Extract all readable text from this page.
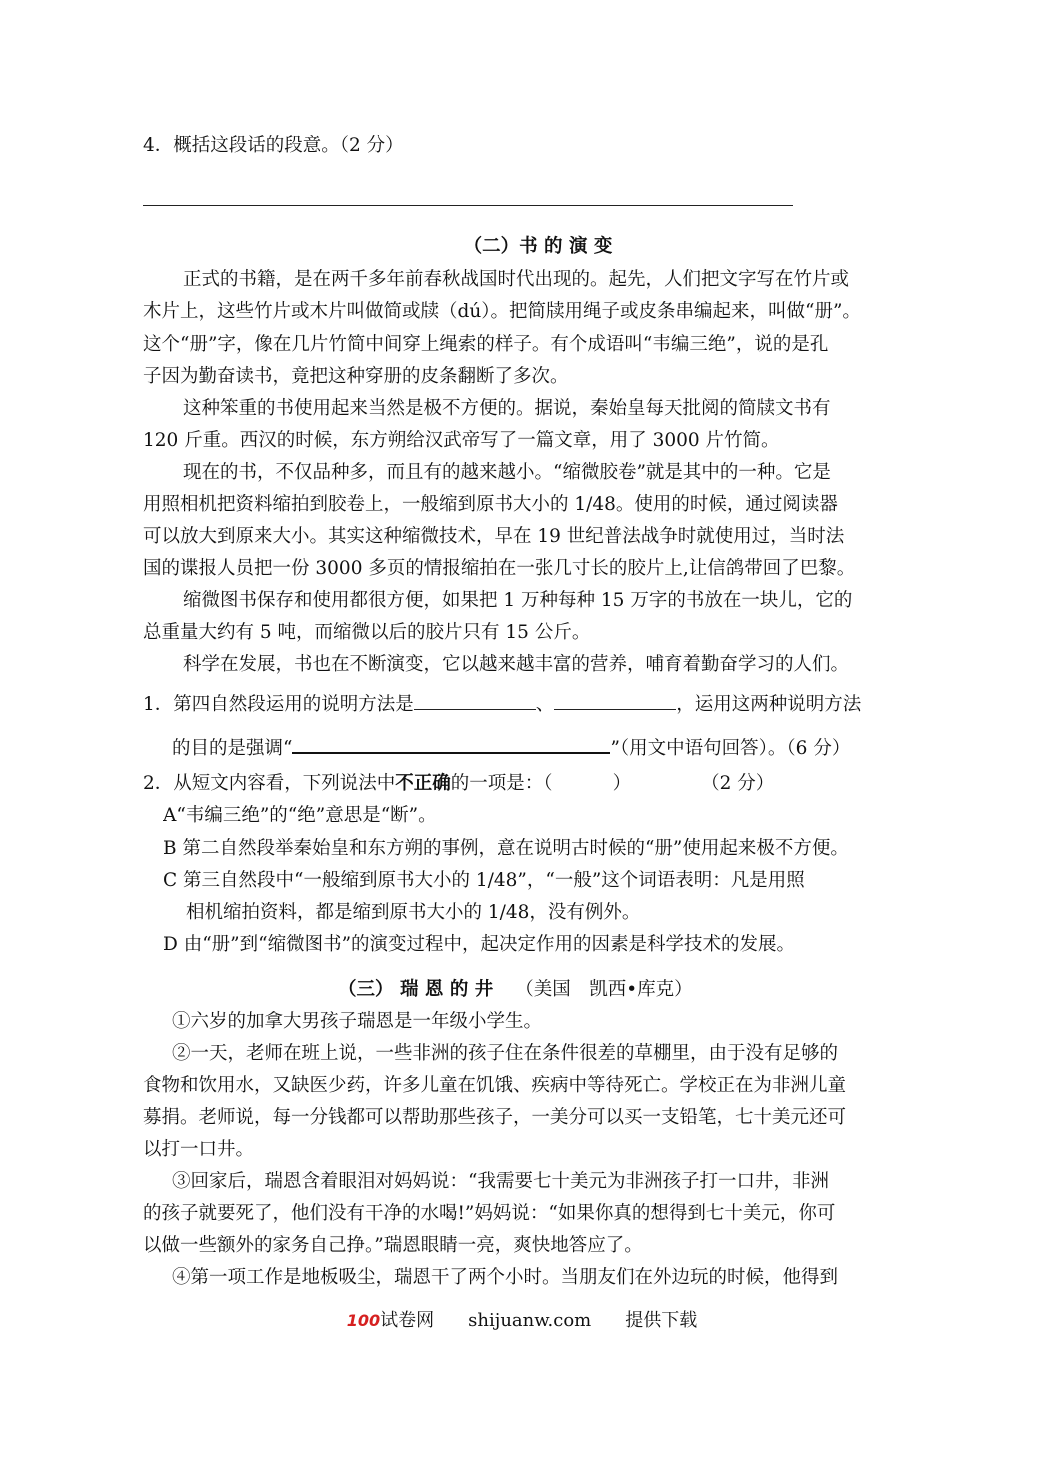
4．概括这段话的段意。（2 分）
（二）书 的 演 变
正式的书籍，是在两千多年前春秋战国时代出现的。起先，人们把文字写在竹片或
木片上，这些竹片或木片叫做简或牍（dú）。把简牍用绳子或皮条串编起来，叫做“册”。
这个“册”字，像在几片竹简中间穿上绳索的样子。有个成语叫“韦编三绝”，说的是孔
子因为勤奋读书，竟把这种穿册的皮条翻断了多次。
这种笨重的书使用起来当然是极不方便的。据说，秦始皇每天批阅的简牍文书有
120 斤重。西汉的时候，东方朔给汉武帝写了一篇文章，用了 3000 片竹简。
现在的书，不仅品种多，而且有的越来越小。“缩微胶卷”就是其中的一种。它是
用照相机把资料缩拍到胶卷上，一般缩到原书大小的 1/48。使用的时候，通过阅读器
可以放大到原来大小。其实这种缩微技术，早在 19 世纪普法战争时就使用过，当时法
国的谍报人员把一份 3000 多页的情报缩拍在一张几寸长的胶片上,让信鸽带回了巴黎。
缩微图书保存和使用都很方便，如果把 1 万种每种 15 万字的书放在一块儿，它的
总重量大约有 5 吨，而缩微以后的胶片只有 15 公斤。
科学在发展，书也在不断演变，它以越来越丰富的营养，哺育着勤奋学习的人们。
1．第四自然段运用的说明方法是	、	，运用这两种说明方法
的目的是强调“	”（用文中语句回答）。（6 分）
2．从短文内容看，下列说法中不正确的一项是：（	）	（2 分）
A“韦编三绝”的“绝”意思是“断”。
B 第二自然段举秦始皇和东方朔的事例，意在说明古时候的“册”使用起来极不方便。
C 第三自然段中“一般缩到原书大小的 1/48”，“一般”这个词语表明：凡是用照
相机缩拍资料，都是缩到原书大小的 1/48，没有例外。
D 由“册”到“缩微图书”的演变过程中，起决定作用的因素是科学技术的发展。
（三） 瑞 恩 的 井 （美国　凯西•库克）
①六岁的加拿大男孩子瑞恩是一年级小学生。
②一天，老师在班上说，一些非洲的孩子住在条件很差的草棚里，由于没有足够的
食物和饮用水，又缺医少药，许多儿童在饥饿、疾病中等待死亡。学校正在为非洲儿童
募捐。老师说，每一分钱都可以帮助那些孩子，一美分可以买一支铅笔，七十美元还可
以打一口井。
③回家后，瑞恩含着眼泪对妈妈说：“我需要七十美元为非洲孩子打一口井，非洲
的孩子就要死了，他们没有干净的水喝!”妈妈说：“如果你真的想得到七十美元，你可
以做一些额外的家务自己挣。”瑞恩眼睛一亮，爽快地答应了。
④第一项工作是地板吸尘，瑞恩干了两个小时。当朋友们在外边玩的时候，他得到
100试卷网 shijuanw.com 提供下载
